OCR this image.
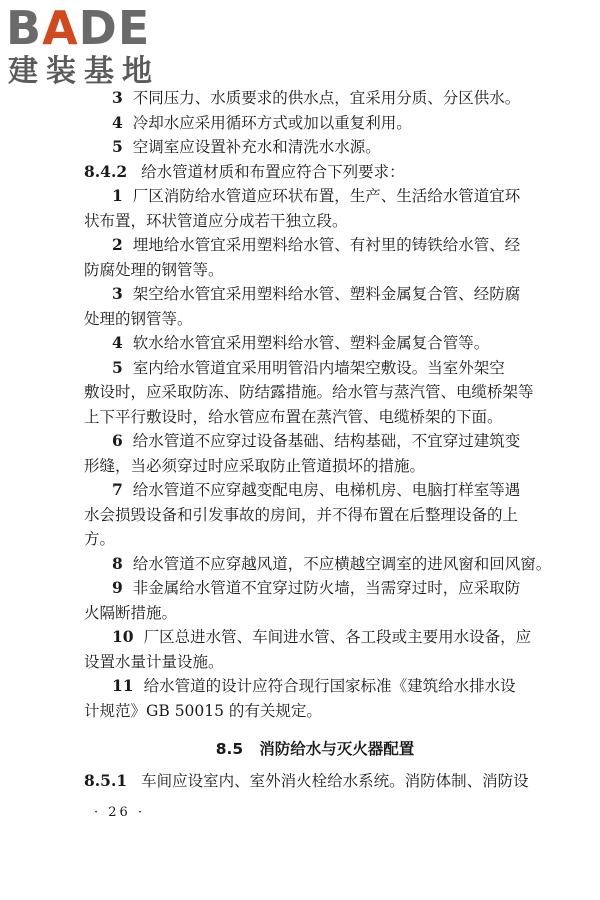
BADE
建装基地
3 不同压力、水质要求的供水点，宜采用分质、分区供水。
4 冷却水应采用循环方式或加以重复利用。
5 空调室应设置补充水和清洗水水源。
8.4.2 给水管道材质和布置应符合下列要求：
1 厂区消防给水管道应环状布置，生产、生活给水管道宜环
状布置，环状管道应分成若干独立段。
2 埋地给水管宜采用塑料给水管、有衬里的铸铁给水管、经
防腐处理的钢管等。
3 架空给水管宜采用塑料给水管、塑料金属复合管、经防腐
处理的钢管等。
4 软水给水管宜采用塑料给水管、塑料金属复合管等。
5 室内给水管道宜采用明管沿内墙架空敷设。当室外架空
敷设时，应采取防冻、防结露措施。给水管与蒸汽管、电缆桥架等
上下平行敷设时，给水管应布置在蒸汽管、电缆桥架的下面。
6 给水管道不应穿过设备基础、结构基础，不宜穿过建筑变
形缝，当必须穿过时应采取防止管道损坏的措施。
7 给水管道不应穿越变配电房、电梯机房、电脑打样室等遇
水会损毁设备和引发事故的房间，并不得布置在后整理设备的上
方。
8 给水管道不应穿越风道，不应横越空调室的进风窗和回风窗。
9 非金属给水管道不宜穿过防火墙，当需穿过时，应采取防
火隔断措施。
10 厂区总进水管、车间进水管、各工段或主要用水设备，应
设置水量计量设施。
11 给水管道的设计应符合现行国家标准《建筑给水排水设
计规范》GB 50015 的有关规定。
8.5 消防给水与灭火器配置
8.5.1 车间应设室内、室外消火栓给水系统。消防体制、消防设
· 26 ·
